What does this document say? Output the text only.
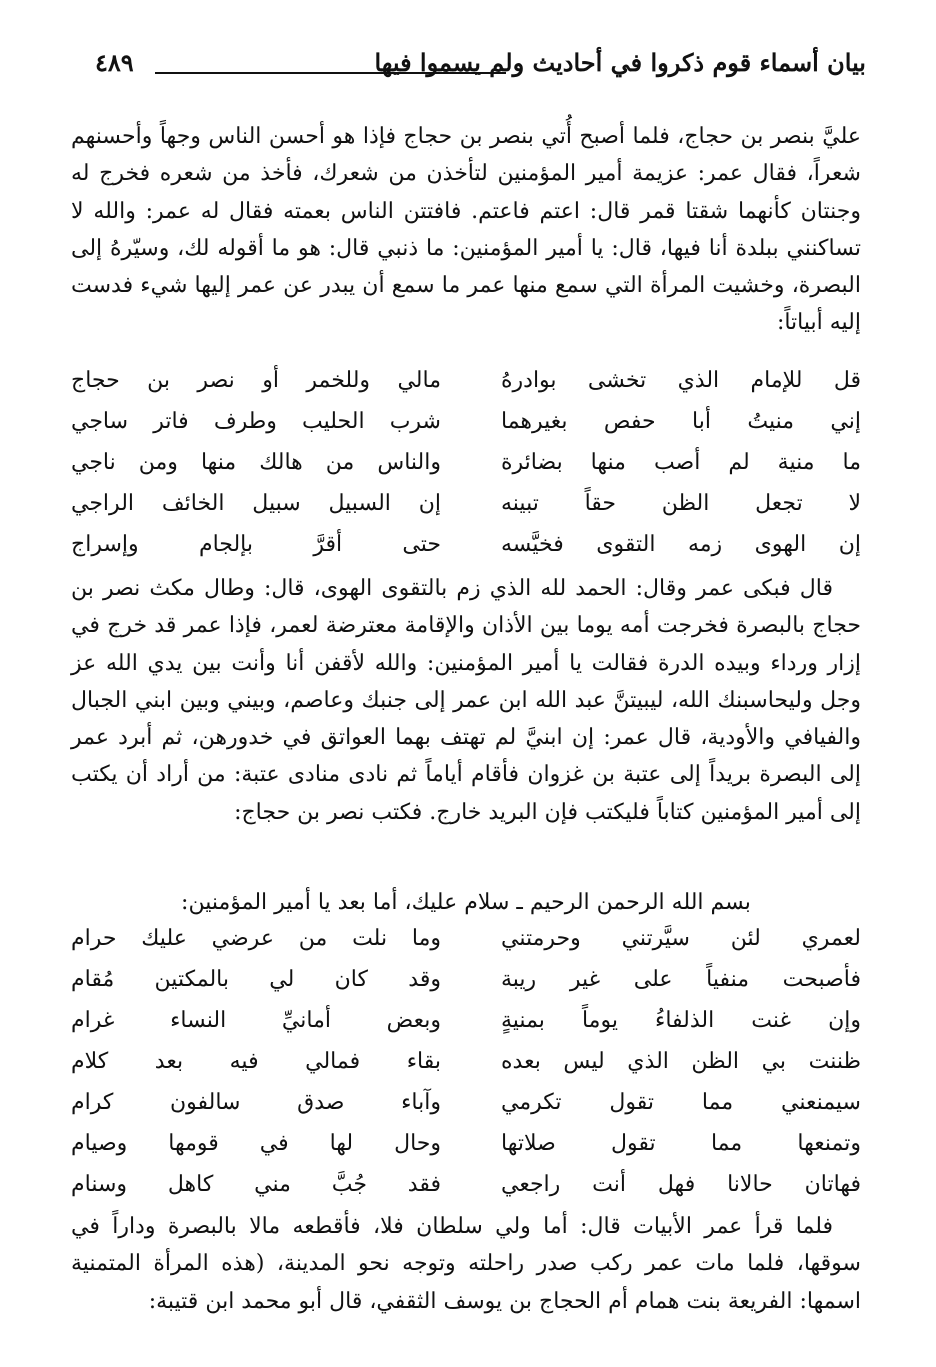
بيان أسماء قوم ذكروا في أحاديث ولم يسموا فيها
٤٨٩

عليَّ بنصر بن حجاج، فلما أصبح أُتي بنصر بن حجاج فإذا هو أحسن الناس وجهاً وأحسنهم شعراً، فقال عمر: عزيمة أمير المؤمنين لتأخذن من شعرك، فأخذ من شعره فخرج له وجنتان كأنهما شقتا قمر قال: اعتم فاعتم. فافتتن الناس بعمته فقال له عمر: والله لا تساكنني ببلدة أنا فيها، قال: يا أمير المؤمنين: ما ذنبي قال: هو ما أقوله لك، وسيّرهُ إلى البصرة، وخشيت المرأة التي سمع منها عمر ما سمع أن يبدر عن عمر إليها شيء فدست إليه أبياتاً:

قل للإمام الذي تخشى بوادرهُ
مالي وللخمر أو نصر بن حجاج
إني منيتُ أبا حفص بغيرهما
شرب الحليب وطرف فاتر ساجي
ما منية لم أصب منها بضائرة
والناس من هالك منها ومن ناجي
لا تجعل الظن حقاً تبينه
إن السبيل سبيل الخائف الراجي
إن الهوى زمه التقوى فخيَّسه
حتى أقرَّ بإلجام وإسراج

قال فبكى عمر وقال: الحمد لله الذي زم بالتقوى الهوى، قال: وطال مكث نصر بن حجاج بالبصرة فخرجت أمه يوما بين الأذان والإقامة معترضة لعمر، فإذا عمر قد خرج في إزار ورداء وبيده الدرة فقالت يا أمير المؤمنين: والله لأقفن أنا وأنت بين يدي الله عز وجل وليحاسبنك الله، ليبيتنَّ عبد الله ابن عمر إلى جنبك وعاصم، وبيني وبين ابني الجبال والفيافي والأودية، قال عمر: إن ابنيَّ لم تهتف بهما العواتق في خدورهن، ثم أبرد عمر إلى البصرة بريداً إلى عتبة بن غزوان فأقام أياماً ثم نادى منادى عتبة: من أراد أن يكتب إلى أمير المؤمنين كتاباً فليكتب فإن البريد خارج. فكتب نصر بن حجاج:

بسم الله الرحمن الرحيم ـ سلام عليك، أما بعد يا أمير المؤمنين:

لعمري لئن سيَّرتني وحرمتني
وما نلت من عرضي عليك حرام
فأصبحت منفياً على غير ريبة
وقد كان لي بالمكتين مُقام
وإن غنت الذلفاءُ يوماً بمنيةٍ
وبعض أمانيِّ النساء غرام
ظننت بي الظن الذي ليس بعده
بقاء فمالي فيه بعد كلام
سيمنعني مما تقول تكرمي
وآباء صدق سالفون كرام
وتمنعها مما تقول صلاتها
وحال لها في قومها وصيام
فهاتان حالانا فهل أنت راجعي
فقد جُبَّ مني كاهل وسنام

فلما قرأ عمر الأبيات قال: أما ولي سلطان فلا، فأقطعه مالا بالبصرة وداراً في سوقها، فلما مات عمر ركب صدر راحلته وتوجه نحو المدينة، (هذه المرأة المتمنية اسمها: الفريعة بنت همام أم الحجاج بن يوسف الثقفي، قال أبو محمد ابن قتيبة:
